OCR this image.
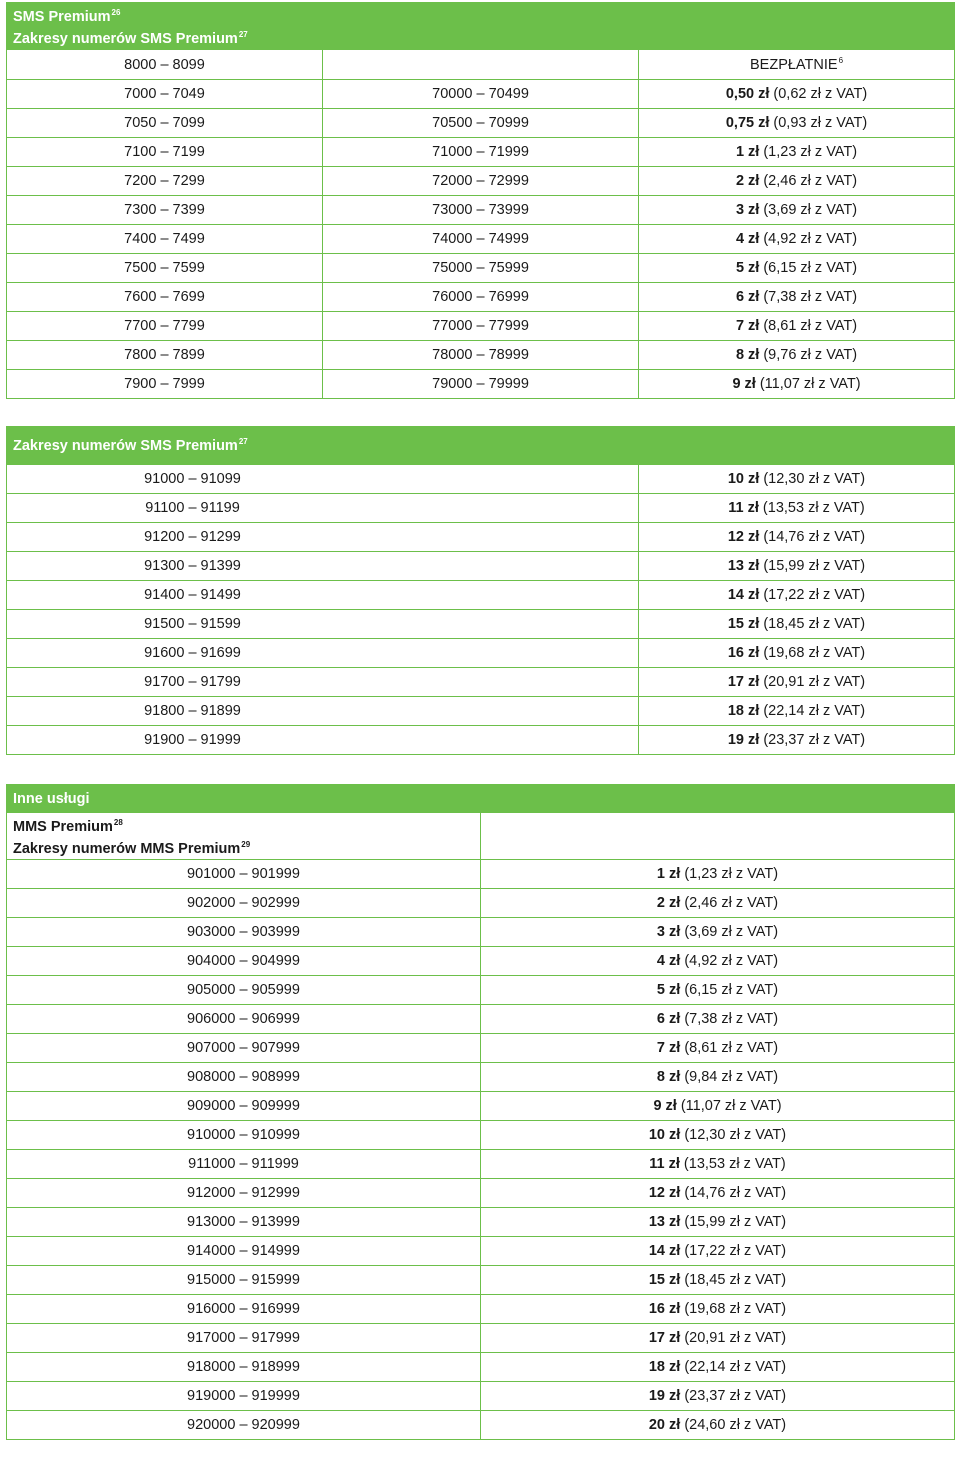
SMS Premium$^{26}$
Zakresy numerów SMS Premium$^{27}$	
8000 – 8099		BEZPŁATNIE$^6$
7000 – 7049	70000 – 70499	0,50 zł (0,62 zł z VAT)
7050 – 7099	70500 – 70999	0,75 zł (0,93 zł z VAT)
7100 – 7199	71000 – 71999	1 zł (1,23 zł z VAT)
7200 – 7299	72000 – 72999	2 zł (2,46 zł z VAT)
7300 – 7399	73000 – 73999	3 zł (3,69 zł z VAT)
7400 – 7499	74000 – 74999	4 zł (4,92 zł z VAT)
7500 – 7599	75000 – 75999	5 zł (6,15 zł z VAT)
7600 – 7699	76000 – 76999	6 zł (7,38 zł z VAT)
7700 – 7799	77000 – 77999	7 zł (8,61 zł z VAT)
7800 – 7899	78000 – 78999	8 zł (9,76 zł z VAT)
7900 – 7999	79000 – 79999	9 zł (11,07 zł z VAT)
Zakresy numerów SMS Premium$^{27}$	
91000 – 91099	10 zł (12,30 zł z VAT)
91100 – 91199	11 zł (13,53 zł z VAT)
91200 – 91299	12 zł (14,76 zł z VAT)
91300 – 91399	13 zł (15,99 zł z VAT)
91400 – 91499	14 zł (17,22 zł z VAT)
91500 – 91599	15 zł (18,45 zł z VAT)
91600 – 91699	16 zł (19,68 zł z VAT)
91700 – 91799	17 zł (20,91 zł z VAT)
91800 – 91899	18 zł (22,14 zł z VAT)
91900 – 91999	19 zł (23,37 zł z VAT)
Inne usługi	
MMS Premium$^{28}$
Zakresy numerów MMS Premium$^{29}$	
901000 – 901999	1 zł (1,23 zł z VAT)
902000 – 902999	2 zł (2,46 zł z VAT)
903000 – 903999	3 zł (3,69 zł z VAT)
904000 – 904999	4 zł (4,92 zł z VAT)
905000 – 905999	5 zł (6,15 zł z VAT)
906000 – 906999	6 zł (7,38 zł z VAT)
907000 – 907999	7 zł (8,61 zł z VAT)
908000 – 908999	8 zł (9,84 zł z VAT)
909000 – 909999	9 zł (11,07 zł z VAT)
910000 – 910999	10 zł (12,30 zł z VAT)
911000 – 911999	11 zł (13,53 zł z VAT)
912000 – 912999	12 zł (14,76 zł z VAT)
913000 – 913999	13 zł (15,99 zł z VAT)
914000 – 914999	14 zł (17,22 zł z VAT)
915000 – 915999	15 zł (18,45 zł z VAT)
916000 – 916999	16 zł (19,68 zł z VAT)
917000 – 917999	17 zł (20,91 zł z VAT)
918000 – 918999	18 zł (22,14 zł z VAT)
919000 – 919999	19 zł (23,37 zł z VAT)
920000 – 920999	20 zł (24,60 zł z VAT)
